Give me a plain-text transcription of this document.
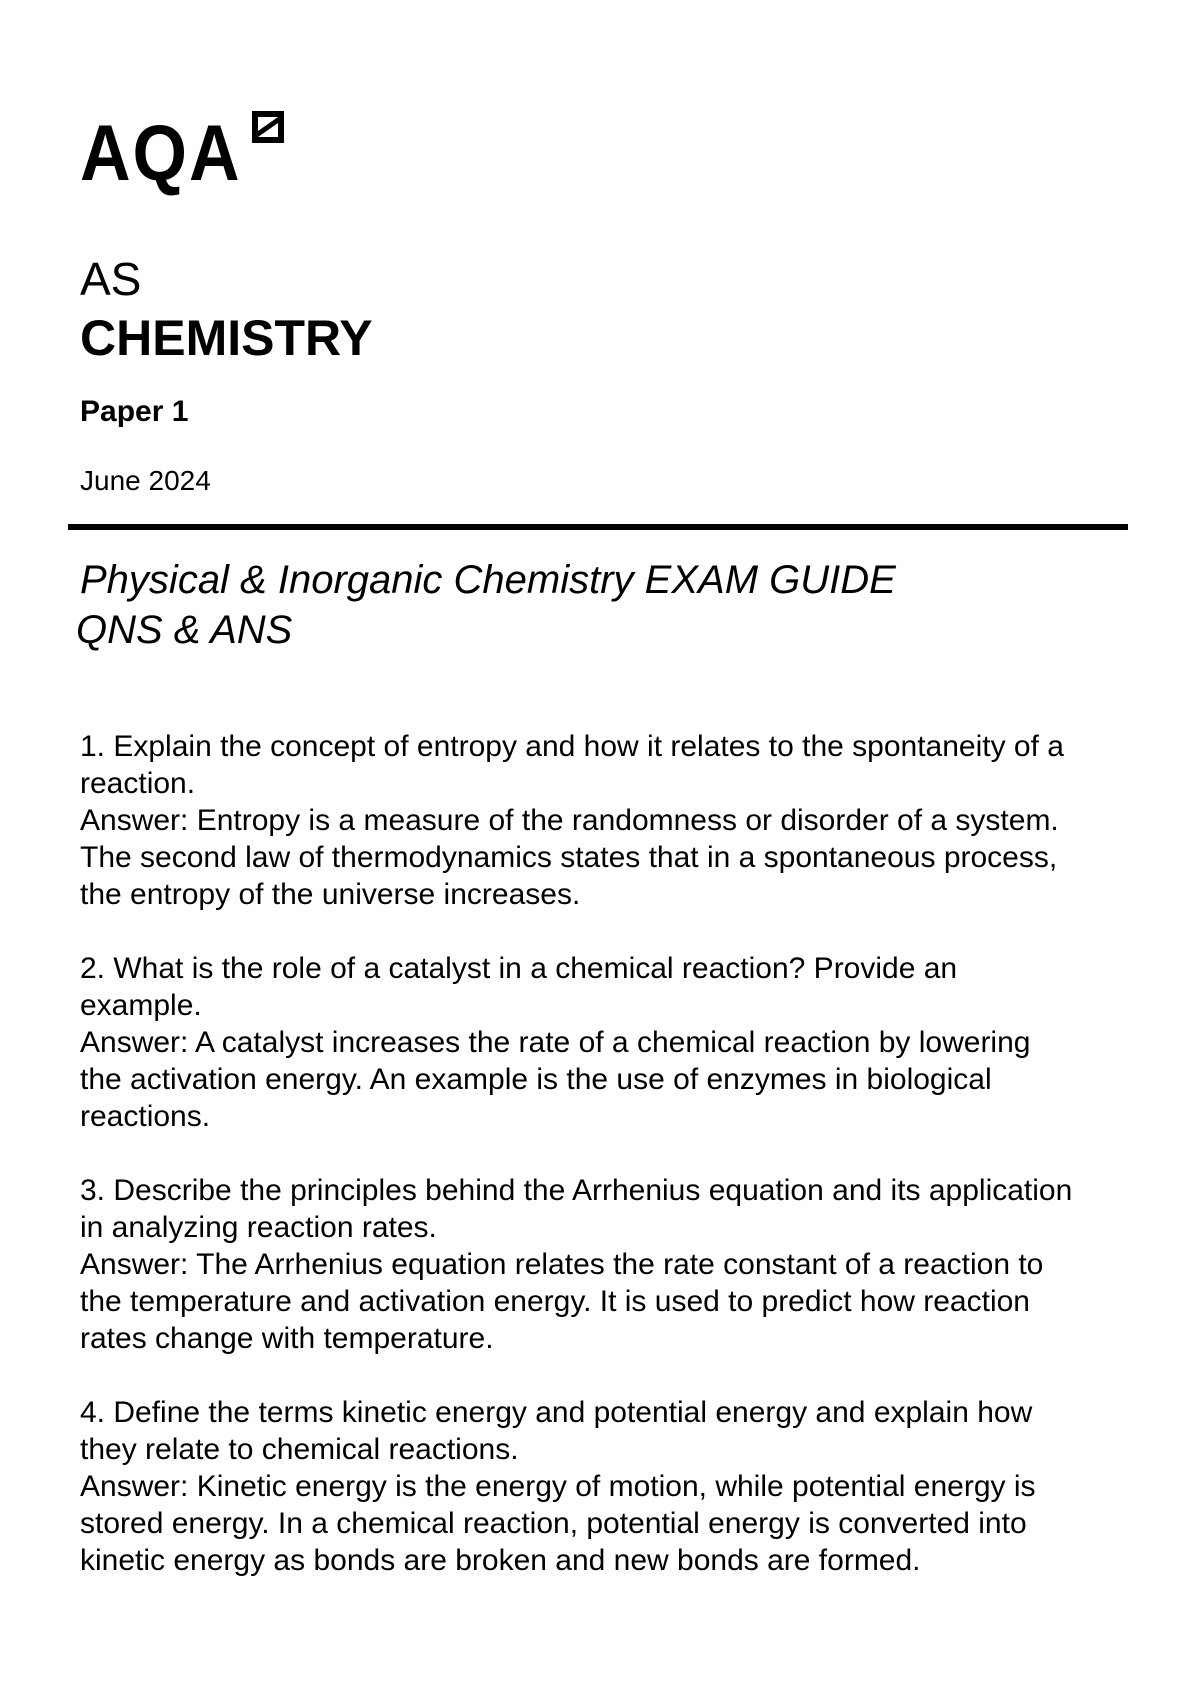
AQA
AS
CHEMISTRY
Paper 1
June 2024
Physical & Inorganic Chemistry EXAM GUIDE
QNS & ANS

1. Explain the concept of entropy and how it relates to the spontaneity of a reaction.

Answer: Entropy is a measure of the randomness or disorder of a system. The second law of thermodynamics states that in a spontaneous process, the entropy of the universe increases.

2. What is the role of a catalyst in a chemical reaction? Provide an example.

Answer: A catalyst increases the rate of a chemical reaction by lowering the activation energy. An example is the use of enzymes in biological reactions.

3. Describe the principles behind the Arrhenius equation and its application in analyzing reaction rates.

Answer: The Arrhenius equation relates the rate constant of a reaction to the temperature and activation energy. It is used to predict how reaction rates change with temperature.

4. Define the terms kinetic energy and potential energy and explain how they relate to chemical reactions.

Answer: Kinetic energy is the energy of motion, while potential energy is stored energy. In a chemical reaction, potential energy is converted into kinetic energy as bonds are broken and new bonds are formed.
